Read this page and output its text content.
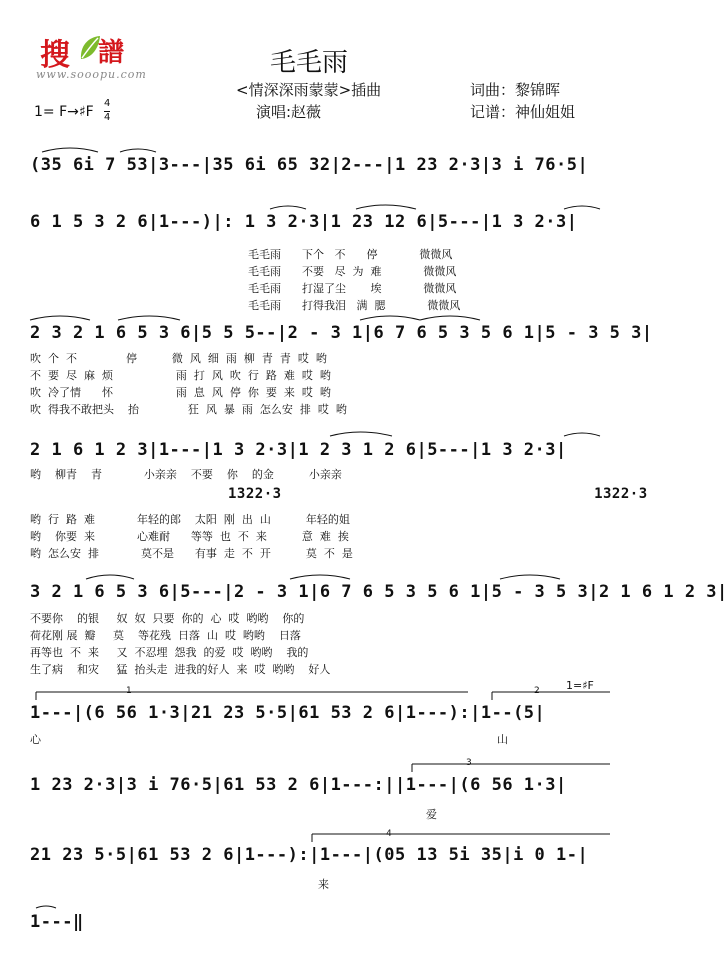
搜

譜

www.sooopu.com	毛毛雨
<情深深雨蒙蒙>插曲	词曲：黎锦晖
演唱:赵薇	记谱：神仙姐姐
1= F→♯F
4
4
(35 6i 7 53|3---|35 6i 65 32|2---|1 23 2·3|3 i 76·5|
6 1 5 3 2 6|1---)|: 1 3 2·3|1 23 12 6|5---|1 3 2·3|
毛毛雨      下个   不      停            微微风
毛毛雨      不要   尽  为  难            微微风
毛毛雨      打湿了尘       埃            微微风
毛毛雨      打得我泪   满  腮            微微风
2 3 2 1 6 5 3 6|5 5 5--|2 - 3 1|6 7 6 5 3 5 6 1|5 - 3 5 3|
吹  个  不              停          微  风  细  雨  柳  青  青  哎  哟
不  要  尽  麻  烦                  雨  打  风  吹  行  路  难  哎  哟
吹  冷了情      怀                  雨  息  风  停  你  要  来  哎  哟
吹  得我不敢把头    抬              狂  风  暴  雨  怎么安  排  哎  哟
2 1 6 1 2 3|1---|1 3 2·3|1 2 3 1 2 6|5---|1 3 2·3|
哟    柳青    青            小亲亲    不要    你    的金          小亲亲
1322·3                                   1322·3
哟  行  路  难            年轻的郎    太阳  刚  出  山          年轻的姐
哟    你要  来            心难耐      等等  也  不  来          意  难  挨
哟  怎么安  排            莫不是      有事  走  不  开          莫  不  是
3 2 1 6 5 3 6|5---|2 - 3 1|6 7 6 5 3 5 6 1|5 - 3 5 3|2 1 6 1 2 3|
不要你    的银     奴  奴  只要  你的  心  哎  哟哟    你的
荷花刚 展  瓣     莫    等花残  日落  山  哎  哟哟    日落
再等也  不  来     又  不忍埋  怨我  的爱  哎  哟哟    我的
生了病    和灾     猛  抬头走  进我的好人  来  哎  哟哟    好人
1	2 1=♯F
1---|(6 56 1·3|21 23 5·5|61 53 2 6|1---):|1--(5|
心	山
3
1 23 2·3|3 i 76·5|61 53 2 6|1---:||1---|(6 56 1·3|
爱
4
21 23 5·5|61 53 2 6|1---):|1---|(05 13 5i 35|i 0 1-|
来
1---‖
